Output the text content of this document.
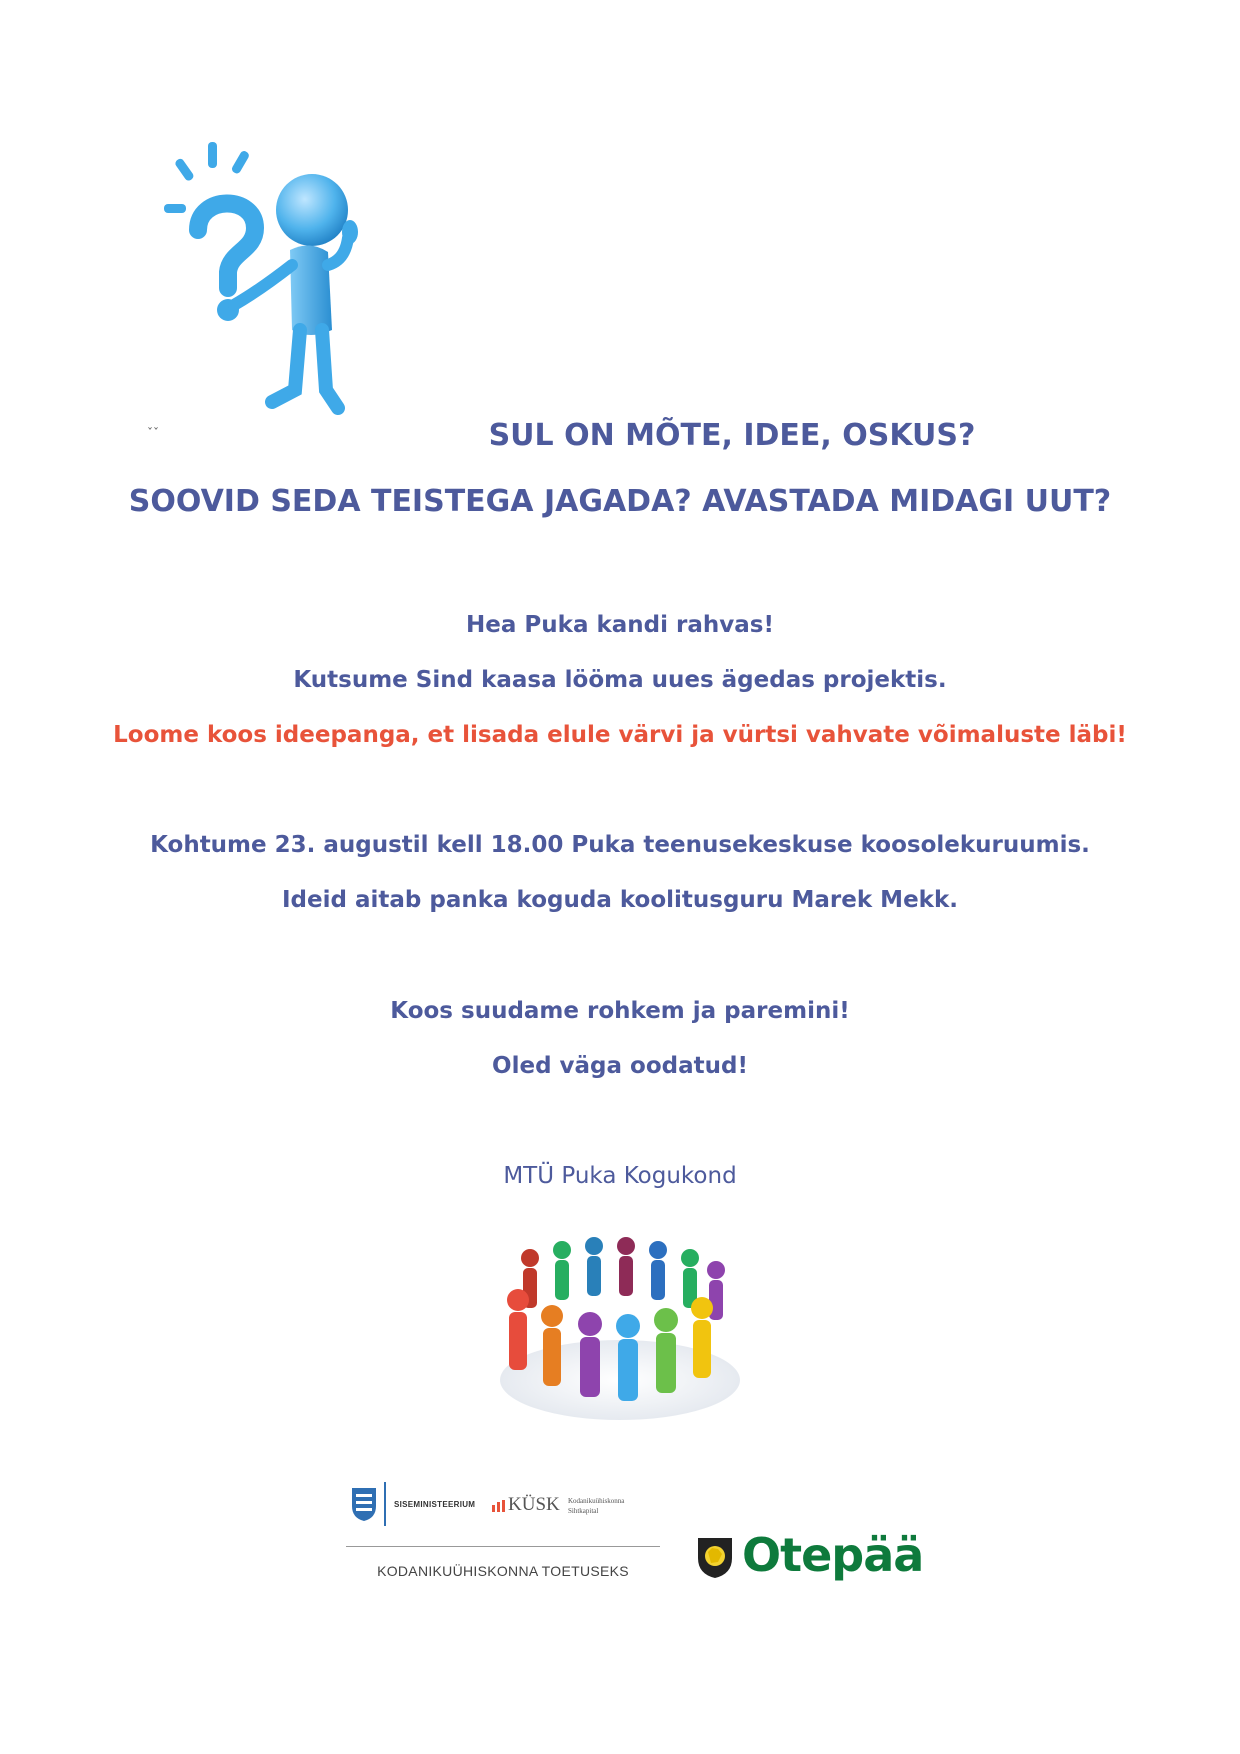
ˇˇ	SUL ON MÕTE, IDEE, OSKUS?
SOOVID SEDA TEISTEGA JAGADA? AVASTADA MIDAGI UUT?
Hea Puka kandi rahvas!
Kutsume Sind kaasa lööma uues ägedas projektis.
Loome koos ideepanga, et lisada elule värvi ja vürtsi vahvate võimaluste läbi!
Kohtume 23. augustil kell 18.00 Puka teenusekeskuse koosolekuruumis.
Ideid aitab panka koguda koolitusguru Marek Mekk.
Koos suudame rohkem ja paremini!
Oled väga oodatud!
MTÜ Puka Kogukond
SISEMINISTEERIUM KÜSK Kodanikuühiskonna
Sihtkapital
KODANIKUÜHISKONNA TOETUSEKS	Otepää
